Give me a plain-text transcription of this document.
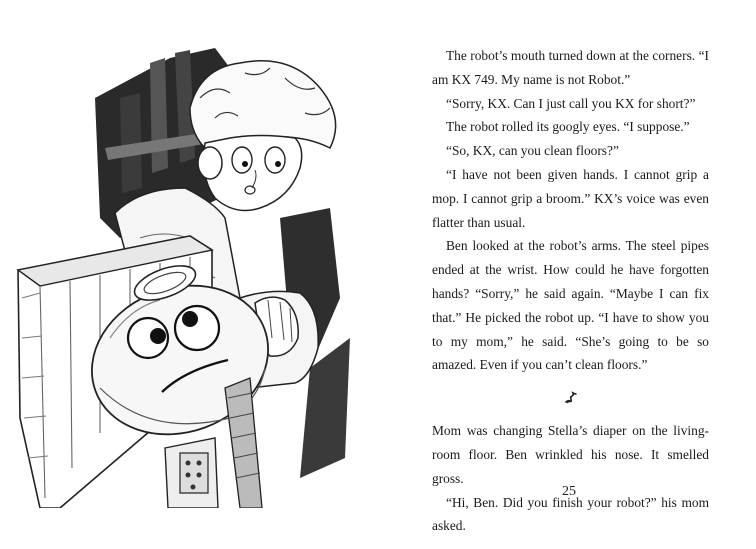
The robot’s mouth turned down at the corners. “I am KX 749. My name is not Robot.”

“Sorry, KX. Can I just call you KX for short?”

The robot rolled its googly eyes. “I suppose.”

“So, KX, can you clean floors?”

“I have not been given hands. I cannot grip a mop. I cannot grip a broom.” KX’s voice was even flatter than usual.

Ben looked at the robot’s arms. The steel pipes ended at the wrist. How could he have forgotten hands? “Sorry,” he said again. “Maybe I can fix that.” He picked the robot up. “I have to show you to my mom,” he said. “She’s going to be so amazed. Even if you can’t clean floors.”

Mom was changing Stella’s diaper on the living-room floor. Ben wrinkled his nose. It smelled gross.

“Hi, Ben. Did you finish your robot?” his mom asked.

25
